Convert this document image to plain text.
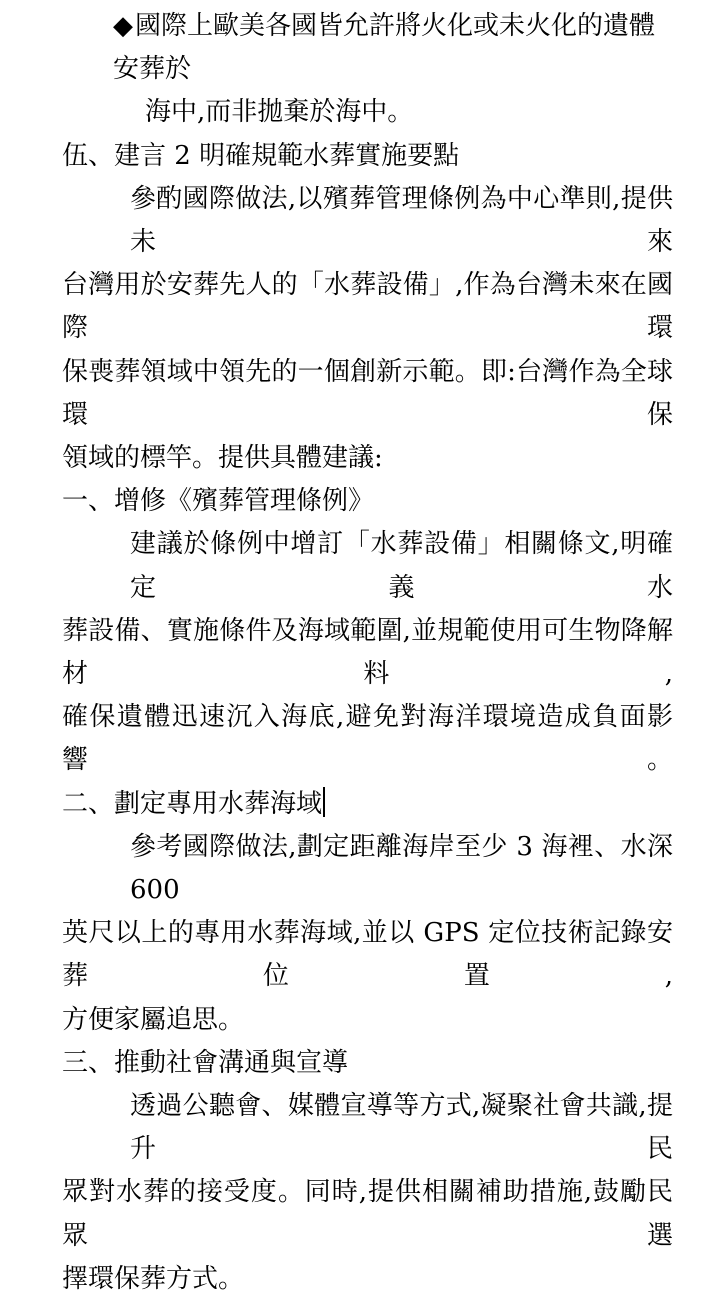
◆國際上歐美各國皆允許將火化或未火化的遺體安葬於
海中,而非拋棄於海中。
伍、建言 2 明確規範水葬實施要點
參酌國際做法,以殯葬管理條例為中心準則,提供未來
台灣用於安葬先人的「水葬設備」,作為台灣未來在國際環
保喪葬領域中領先的一個創新示範。即:台灣作為全球環保
領域的標竿。提供具體建議:
一、增修《殯葬管理條例》
建議於條例中增訂「水葬設備」相關條文,明確定義水
葬設備、實施條件及海域範圍,並規範使用可生物降解材料,
確保遺體迅速沉入海底,避免對海洋環境造成負面影響。
二、劃定專用水葬海域
參考國際做法,劃定距離海岸至少 3 海裡、水深 600
英尺以上的專用水葬海域,並以 GPS 定位技術記錄安葬位置,
方便家屬追思。
三、推動社會溝通與宣導
透過公聽會、媒體宣導等方式,凝聚社會共識,提升民
眾對水葬的接受度。同時,提供相關補助措施,鼓勵民眾選
擇環保葬方式。
